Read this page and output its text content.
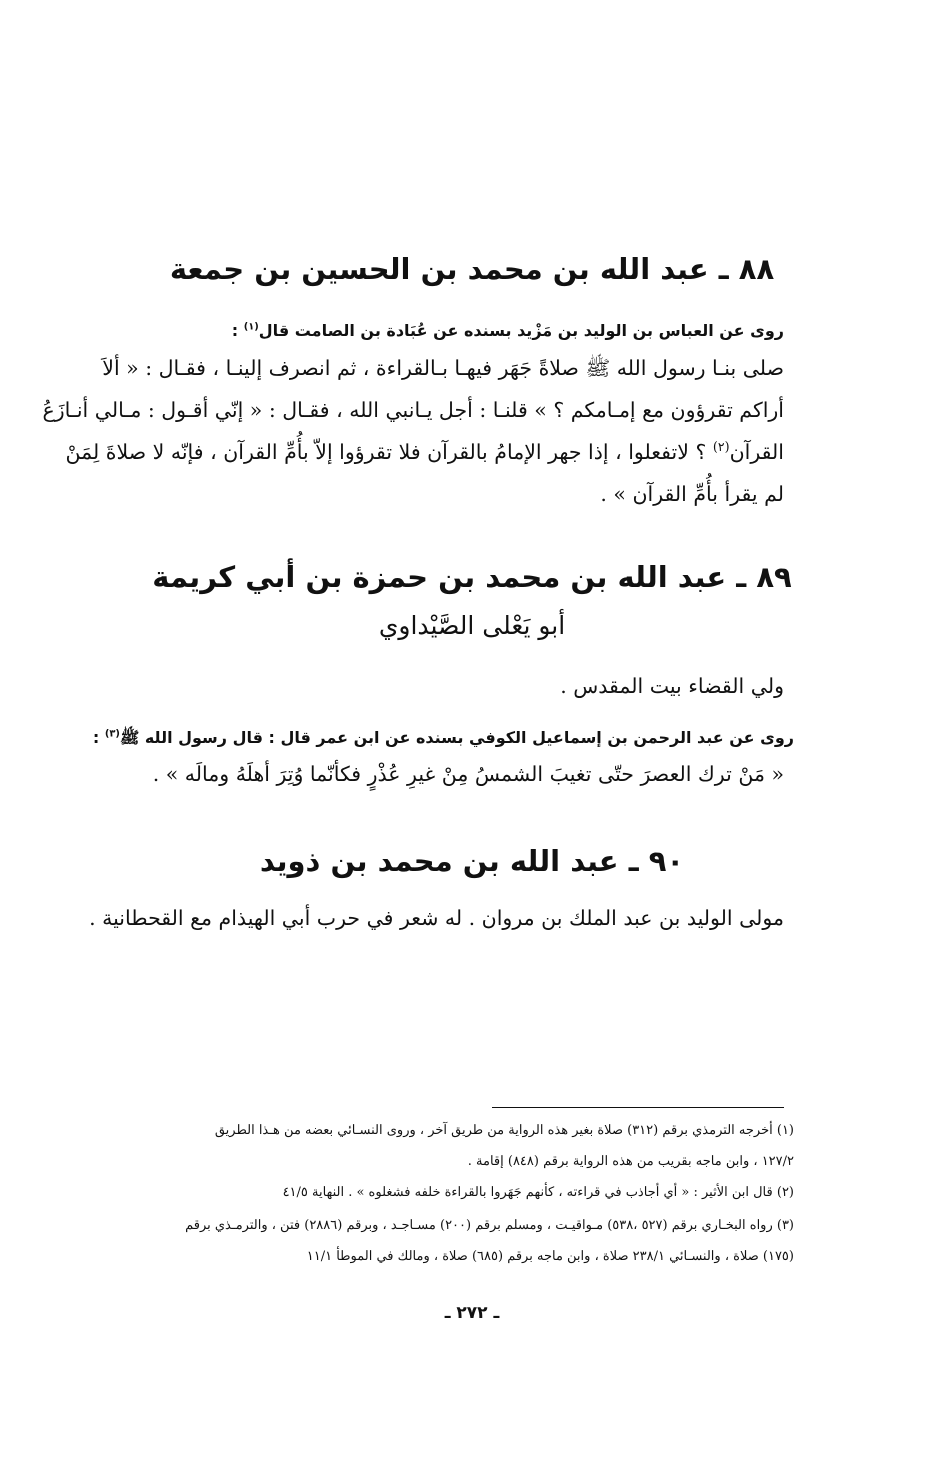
٨٨ ـ عبد الله بن محمد بن الحسين بن جمعة
روى عن العباس بن الوليد بن مَزْيد بسنده عن عُبَادة بن الصامت قال$^{(١)}$ :
صلى بنـا رسول الله ﷺ صلاةً جَهَر فيهـا بـالقراءة ، ثم انصرف إلينـا ، فقـال : « ألاَ
أراكم تقرؤون مع إمـامكم ؟ » قلنـا : أجل يـانبي الله ، فقـال : « إنّي أقـول : مـالي أنـازَعُ
القرآن$^{(٢)}$ ؟ لاتفعلوا ، إذا جهر الإمامُ بالقرآن فلا تقرؤوا إلاّ بأُمِّ القرآن ، فإنّه لا صلاةَ لِمَنْ
لم يقرأ بأُمِّ القرآن » .
٨٩ ـ عبد الله بن محمد بن حمزة بن أبي كريمة
أبو يَعْلى الصَّيْداوي
ولي القضاء بيت المقدس .
روى عن عبد الرحمن بن إسماعيل الكوفي بسنده عن ابن عمر قال : قال رسول الله ﷺ$^{(٣)}$ :
« مَنْ ترك العصرَ حتّى تغيبَ الشمسُ مِنْ غيرِ عُذْرٍ فكأنّما وُتِرَ أهلَهُ ومالَه » .
٩٠ ـ عبد الله بن محمد بن ذويد
مولى الوليد بن عبد الملك بن مروان . له شعر في حرب أبي الهيذام مع القحطانية .
(١) أخرجه الترمذي برقم (٣١٢) صلاة بغير هذه الرواية من طريق آخر ، وروى النسـائي بعضه من هـذا الطريق
١٢٧/٢ ، وابن ماجه بقريب من هذه الرواية برقم (٨٤٨) إقامة .
(٢) قال ابن الأثير : « أي أجاذب في قراءته ، كأنهم جَهَروا بالقراءة خلفه فشغلوه » . النهاية ٤١/٥
(٣) رواه البخـاري برقم (٥٢٧ ،٥٣٨) مـواقيـت ، ومسلم برقم (٢٠٠) مسـاجـد ، وبرقم (٢٨٨٦) فتن ، والترمـذي برقم
(١٧٥) صلاة ، والنسـائي ٢٣٨/١ صلاة ، وابن ماجه برقم (٦٨٥) صلاة ، ومالك في الموطأ ١١/١
ـ ٢٧٢ ـ
